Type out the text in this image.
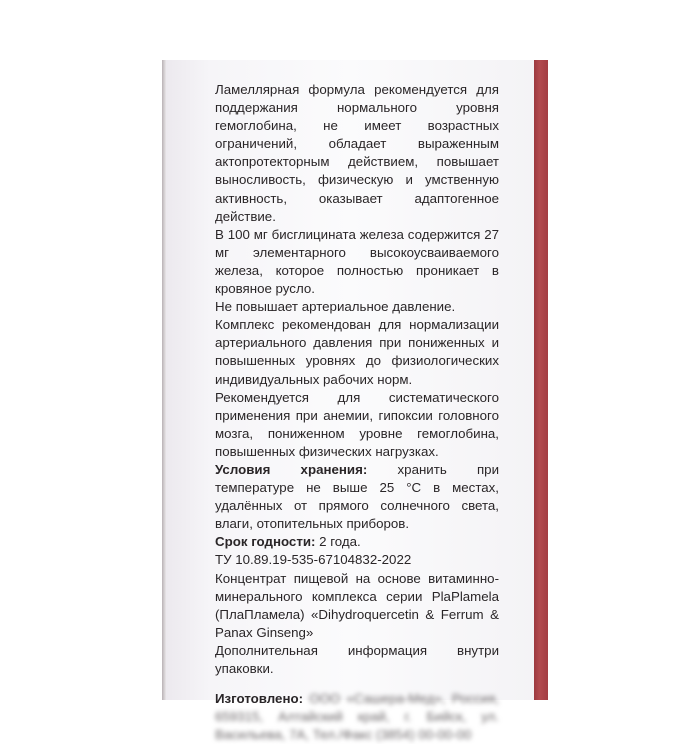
Ламеллярная формула рекомендуется для поддержания нормального уровня гемоглобина, не имеет возрастных ограничений, обладает выраженным актопротекторным действием, повышает выносливость, физическую и умственную активность, оказывает адаптогенное действие.

В 100 мг бисглицината железа содержится 27 мг элементарного высокоусваиваемого железа, которое полностью проникает в кровяное русло.

Не повышает артериальное давление.

Комплекс рекомендован для нормализации артериального давления при пониженных и повышенных уровнях до физиологических индивидуальных рабочих норм.

Рекомендуется для систематического применения при анемии, гипоксии головного мозга, пониженном уровне гемоглобина, повышенных физических нагрузках.

Условия хранения: хранить при температуре не выше 25 °С в местах, удалённых от прямого солнечного света, влаги, отопительных приборов.

Срок годности: 2 года.

ТУ 10.89.19-535-67104832-2022

Концентрат пищевой на основе витаминно-минерального комплекса серии PlaPlamela (ПлаПламела) «Dihydroquercetin & Ferrum & Panax Ginseng»

Дополнительная информация внутри упаковки.

Изготовлено: ООО «Сашера-Мед», Россия, 659315, Алтайский край, г. Бийск, ул. Васильева, 7А, Тел./Факс (3854) 00-00-00
